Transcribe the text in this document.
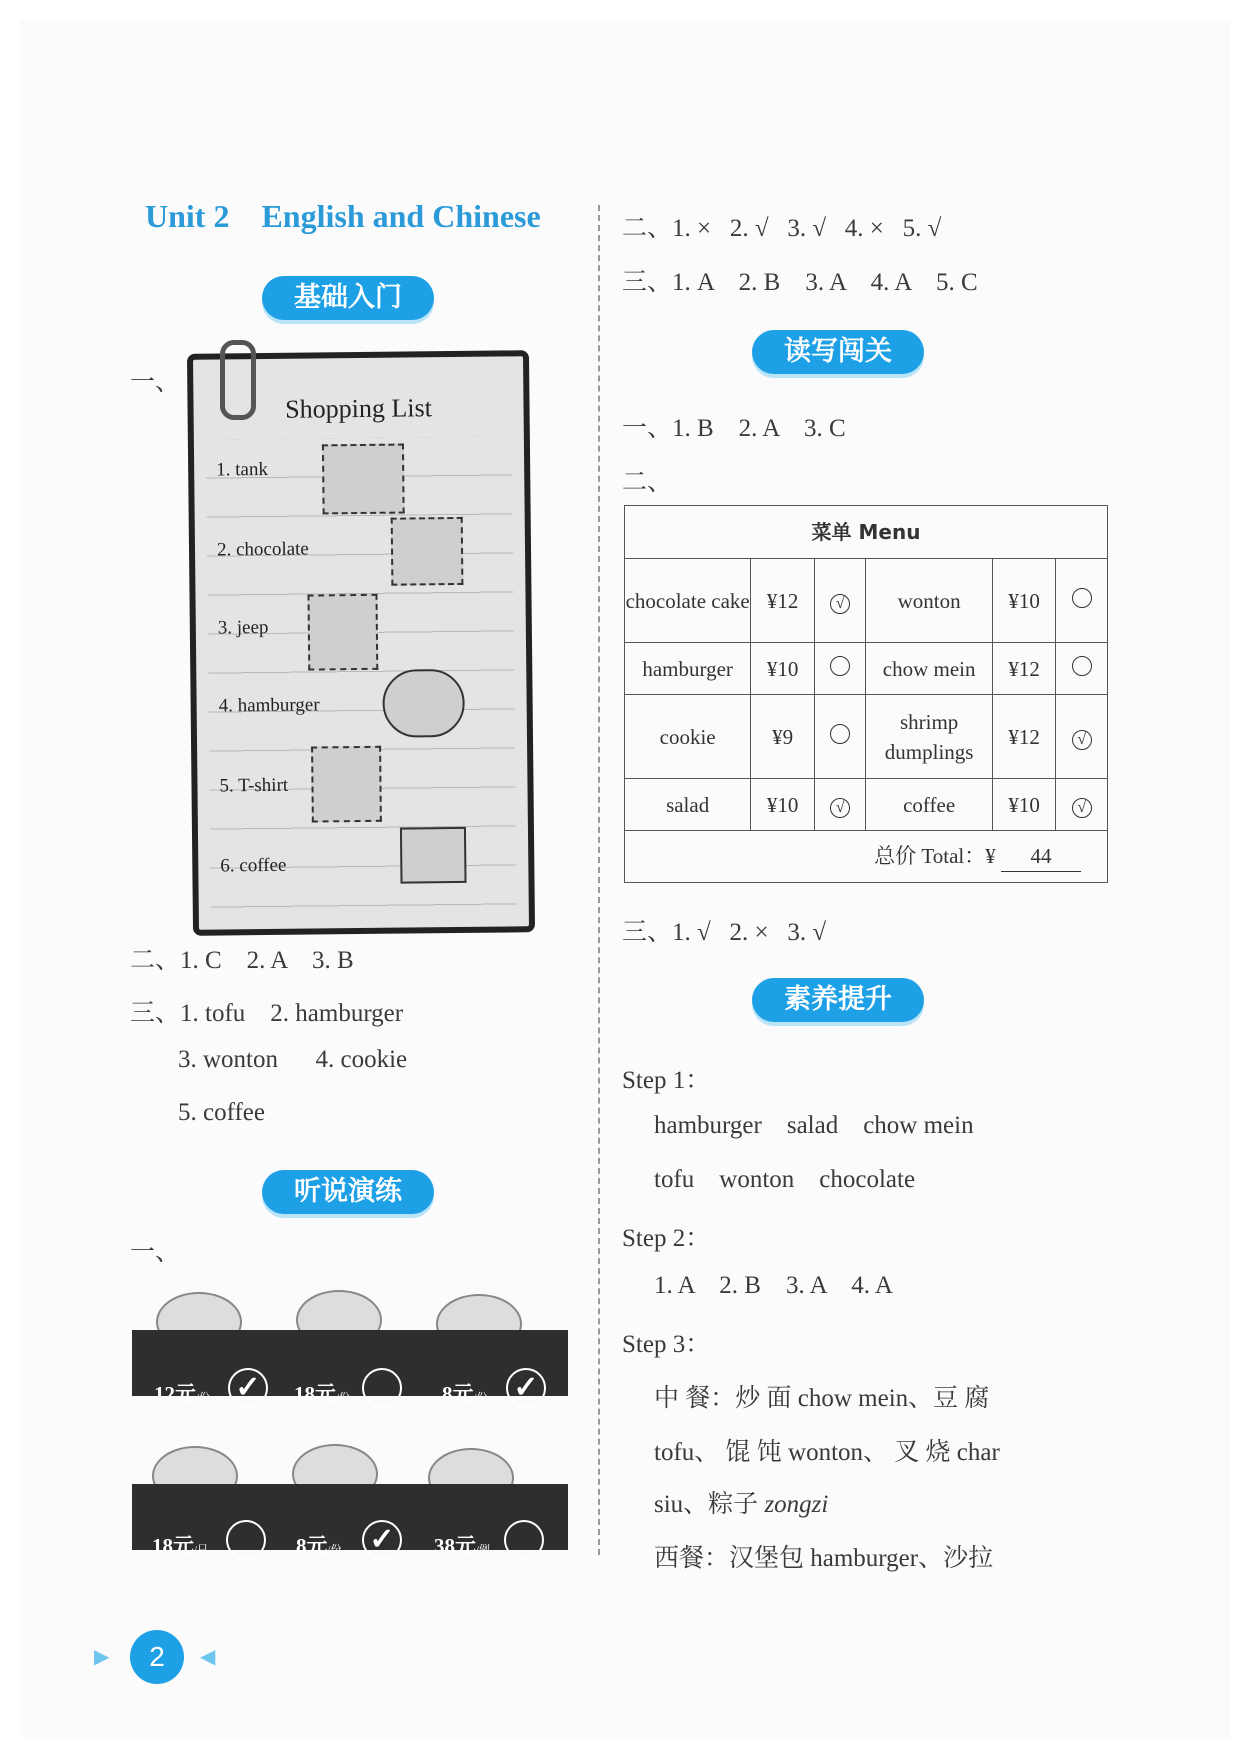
Unit 2    English and Chinese
基础入门
一、
Shopping List
1. tank
2. chocolate
3. jeep
4. hamburger
5. T-shirt
6. coffee
二、1. C    2. A    3. B
三、1. tofu    2. hamburger
3. wonton      4. cookie
5. coffee
听说演练
一、
12元/份 ✓	18元/份	8元/份 ✓
18元/只	8元/份 ✓	38元/例
二、1. ×   2. √   3. √   4. ×   5. √
三、1. A    2. B    3. A    4. A    5. C
读写闯关
一、1. B    2. A    3. C
二、
菜单 Menu					
chocolate cake	¥12	√	wonton	¥10	
hamburger	¥10		chow mein	¥12	
cookie	¥9		shrimp dumplings	¥12	√
salad	¥10	√	coffee	¥10	√
总价 Total：¥ 44					
三、1. √   2. ×   3. √
素养提升
Step 1：
hamburger    salad    chow mein
tofu    wonton    chocolate
Step 2：
1. A    2. B    3. A    4. A
Step 3：
中 餐：炒 面 chow mein、豆 腐
tofu、 馄 饨 wonton、 叉 烧 char
siu、粽子 zongzi
西餐：汉堡包 hamburger、沙拉
▶	2	◀
